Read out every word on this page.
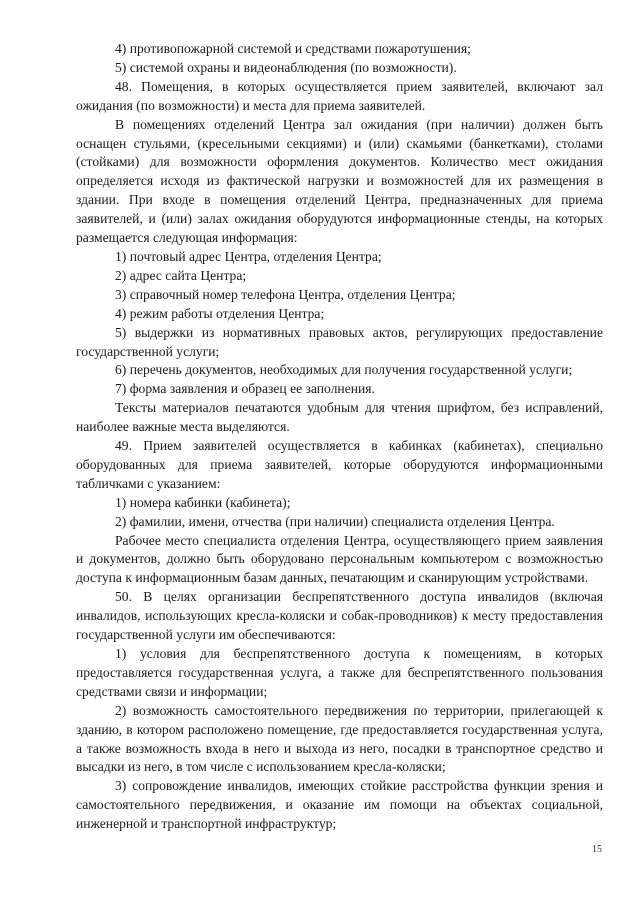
4) противопожарной системой и средствами пожаротушения;

5) системой охраны и видеонаблюдения (по возможности).

48. Помещения, в которых осуществляется прием заявителей, включают зал ожидания (по возможности) и места для приема заявителей.

В помещениях отделений Центра зал ожидания (при наличии) должен быть оснащен стульями, (кресельными секциями) и (или) скамьями (банкетками), столами (стойками) для возможности оформления документов. Количество мест ожидания определяется исходя из фактической нагрузки и возможностей для их размещения в здании. При входе в помещения отделений Центра, предназначенных для приема заявителей, и (или) залах ожидания оборудуются информационные стенды, на которых размещается следующая информация:

1) почтовый адрес Центра, отделения Центра;

2) адрес сайта Центра;

3) справочный номер телефона Центра, отделения Центра;

4) режим работы отделения Центра;

5) выдержки из нормативных правовых актов, регулирующих предоставление государственной услуги;

6) перечень документов, необходимых для получения государственной услуги;

7) форма заявления и образец ее заполнения.

Тексты материалов печатаются удобным для чтения шрифтом, без исправлений, наиболее важные места выделяются.

49. Прием заявителей осуществляется в кабинках (кабинетах), специально оборудованных для приема заявителей, которые оборудуются информационными табличками с указанием:

1) номера кабинки (кабинета);

2) фамилии, имени, отчества (при наличии) специалиста отделения Центра.

Рабочее место специалиста отделения Центра, осуществляющего прием заявления и документов, должно быть оборудовано персональным компьютером с возможностью доступа к информационным базам данных, печатающим и сканирующим устройствами.

50. В целях организации беспрепятственного доступа инвалидов (включая инвалидов, использующих кресла-коляски и собак-проводников) к месту предоставления государственной услуги им обеспечиваются:

1) условия для беспрепятственного доступа к помещениям, в которых предоставляется государственная услуга, а также для беспрепятственного пользования средствами связи и информации;

2) возможность самостоятельного передвижения по территории, прилегающей к зданию, в котором расположено помещение, где предоставляется государственная услуга, а также возможность входа в него и выхода из него, посадки в транспортное средство и высадки из него, в том числе с использованием кресла-коляски;

3) сопровождение инвалидов, имеющих стойкие расстройства функции зрения и самостоятельного передвижения, и оказание им помощи на объектах социальной, инженерной и транспортной инфраструктур;

15
